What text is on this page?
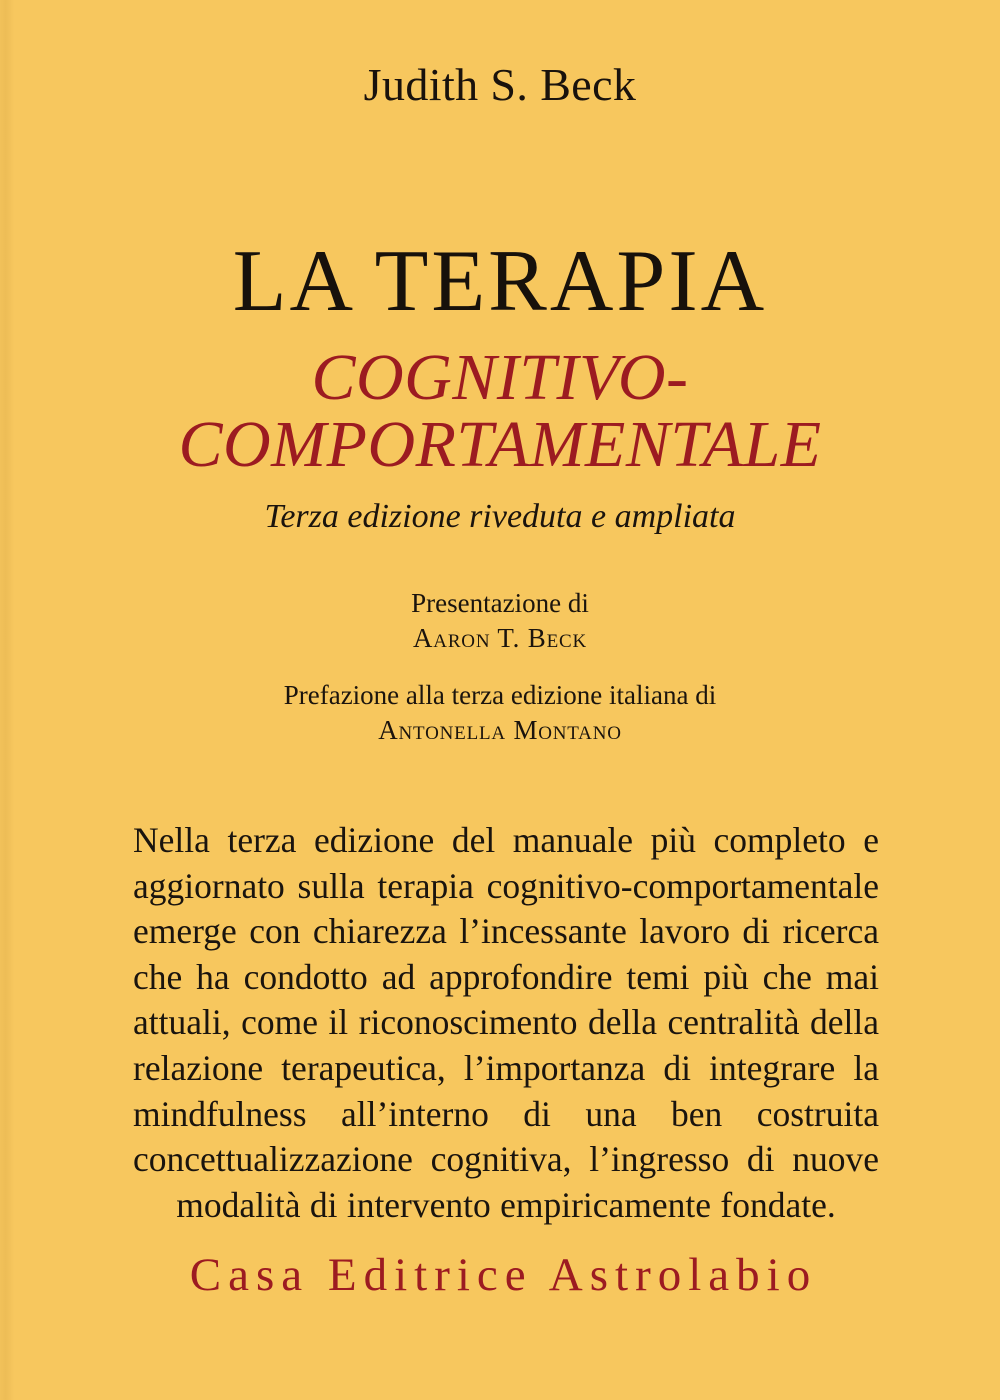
Judith S. Beck
LA TERAPIA
COGNITIVO-
COMPORTAMENTALE
Terza edizione riveduta e ampliata
Presentazione di
Aaron T. Beck
Prefazione alla terza edizione italiana di
Antonella Montano
Nella terza edizione del manuale più completo e aggiornato sulla terapia cognitivo-comportamentale emerge con chiarezza l’incessante lavoro di ricerca che ha condotto ad approfondire temi più che mai attuali, come il riconoscimento della centralità della relazione terapeutica, l’importanza di integrare la mindfulness all’interno di una ben costruita concettualizzazione cognitiva, l’ingresso di nuove modalità di intervento empiricamente fondate.
Casa Editrice Astrolabio
